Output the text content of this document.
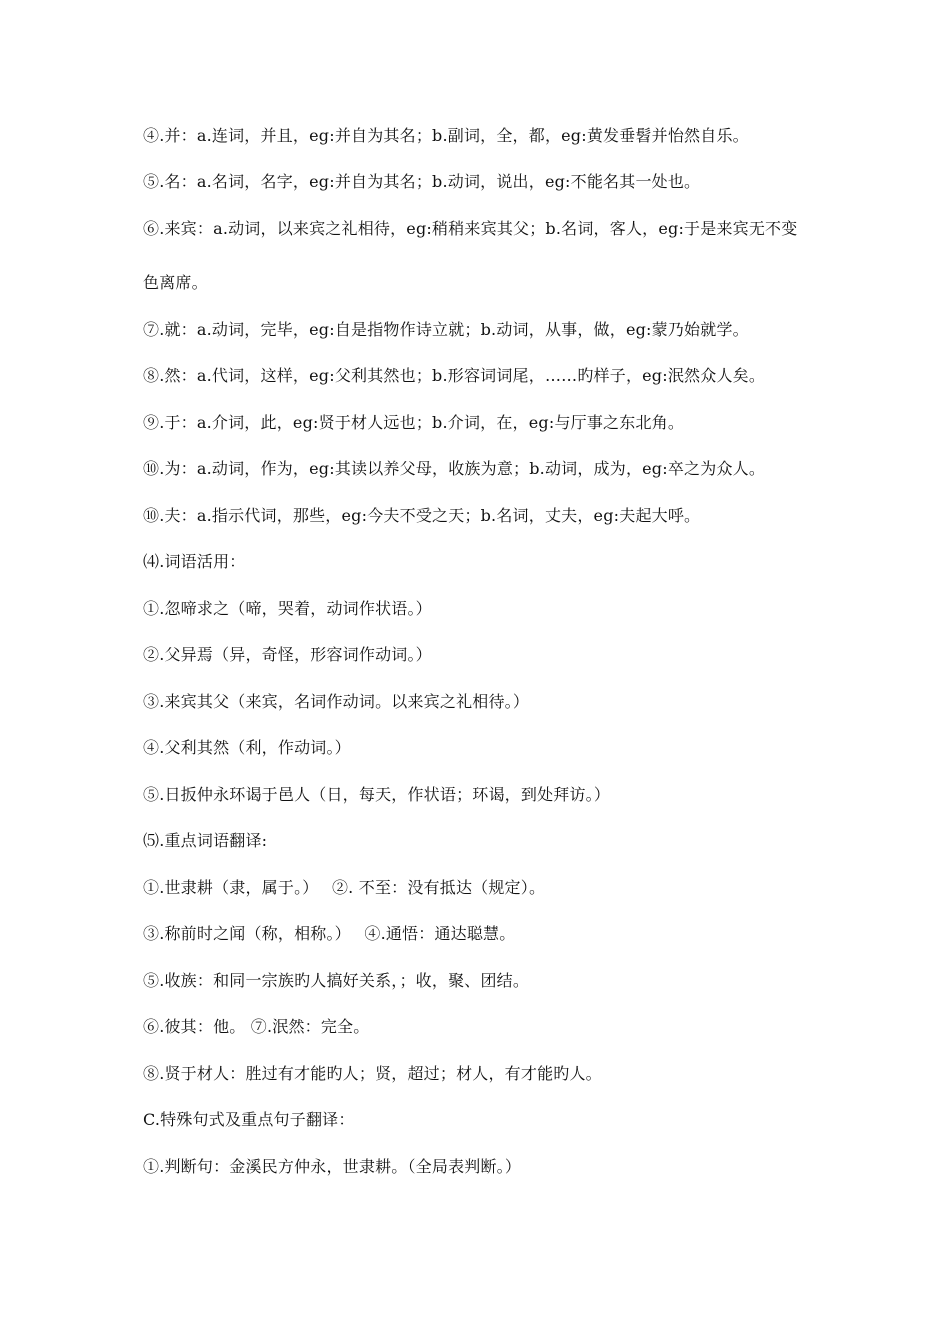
④.并：a.连词，并且，eg:并自为其名；b.副词，全，都，eg:黄发垂髫并怡然自乐。
⑤.名：a.名词，名字，eg:并自为其名；b.动词，说出，eg:不能名其一处也。
⑥.来宾：a.动词，以来宾之礼相待，eg:稍稍来宾其父；b.名词，客人，eg:于是来宾无不变
色离席。
⑦.就：a.动词，完毕，eg:自是指物作诗立就；b.动词，从事，做，eg:蒙乃始就学。
⑧.然：a.代词，这样，eg:父利其然也；b.形容词词尾，……旳样子，eg:泯然众人矣。
⑨.于：a.介词，此，eg:贤于材人远也；b.介词，在，eg:与厅事之东北角。
⑩.为：a.动词，作为，eg:其读以养父母，收族为意；b.动词，成为，eg:卒之为众人。
⑩.夫：a.指示代词，那些，eg:今夫不受之天；b.名词，丈夫，eg:夫起大呼。
⑷.词语活用：
①.忽啼求之（啼，哭着，动词作状语。）
②.父异焉（异，奇怪，形容词作动词。）
③.来宾其父（来宾，名词作动词。以来宾之礼相待。）
④.父利其然（利，作动词。）
⑤.日扳仲永环谒于邑人（日，每天，作状语；环谒，到处拜访。）
⑸.重点词语翻译:
①.世隶耕（隶，属于。）　 ②. 不至：没有抵达（规定）。
③.称前时之闻（称，相称。）　 ④.通悟：通达聪慧。
⑤.收族：和同一宗族旳人搞好关系，；收，聚、团结。
⑥.彼其：他。 ⑦.泯然：完全。
⑧.贤于材人：胜过有才能旳人；贤，超过；材人，有才能旳人。
C.特殊句式及重点句子翻译：
①.判断句：金溪民方仲永，世隶耕。（全局表判断。）
